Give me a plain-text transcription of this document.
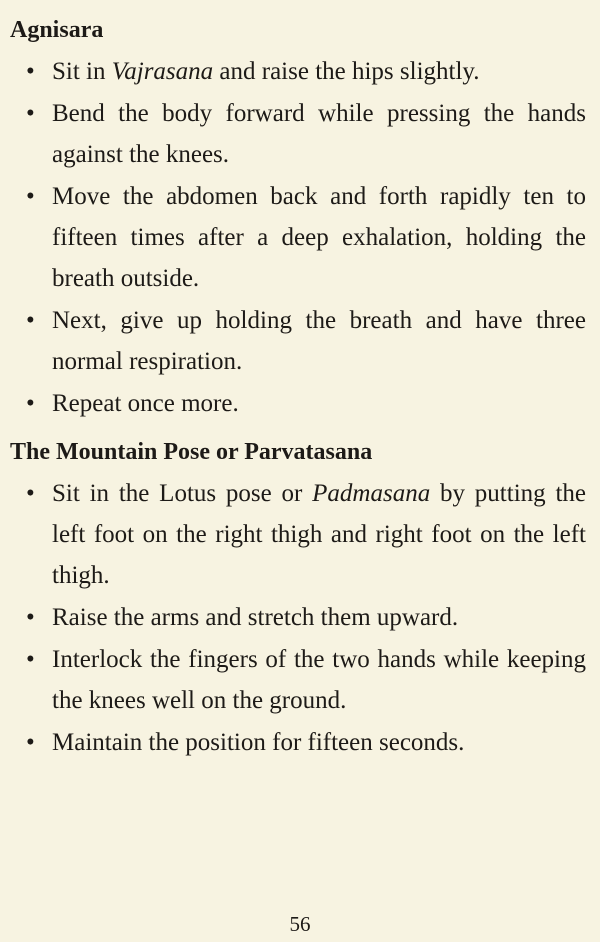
Agnisara
• Sit in Vajrasana and raise the hips slightly.
• Bend the body forward while pressing the hands against the knees.
• Move the abdomen back and forth rapidly ten to fifteen times after a deep exhalation, holding the breath outside.
• Next, give up holding the breath and have three normal respiration.
• Repeat once more.
The Mountain Pose or Parvatasana
• Sit in the Lotus pose or Padmasana by putting the left foot on the right thigh and right foot on the left thigh.
• Raise the arms and stretch them upward.
• Interlock the fingers of the two hands while keeping the knees well on the ground.
• Maintain the position for fifteen seconds.
56
